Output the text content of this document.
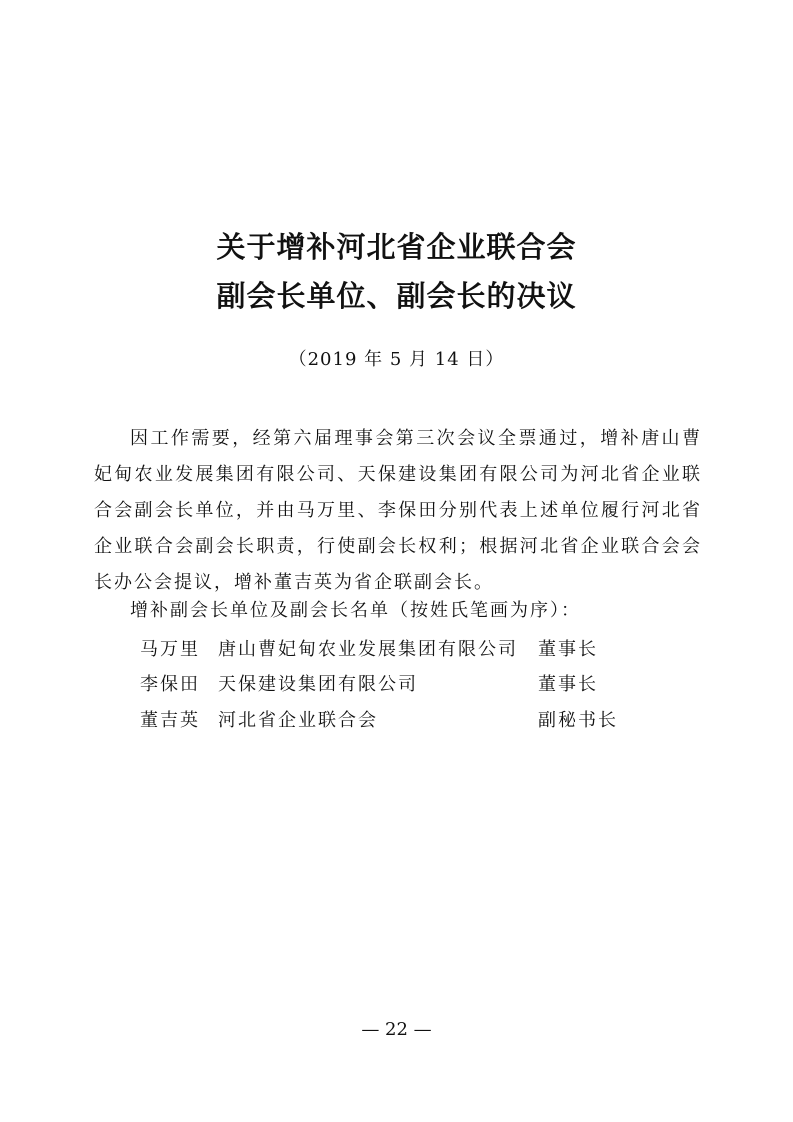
关于增补河北省企业联合会
副会长单位、副会长的决议
（2019 年 5 月 14 日）

因工作需要，经第六届理事会第三次会议全票通过，增补唐山曹妃甸农业发展集团有限公司、天保建设集团有限公司为河北省企业联合会副会长单位，并由马万里、李保田分别代表上述单位履行河北省企业联合会副会长职责，行使副会长权利；根据河北省企业联合会会长办公会提议，增补董吉英为省企联副会长。

增补副会长单位及副会长名单（按姓氏笔画为序）：
马万里 唐山曹妃甸农业发展集团有限公司 董事长
李保田 天保建设集团有限公司	董事长
董吉英 河北省企业联合会	副秘书长
— 22 —
